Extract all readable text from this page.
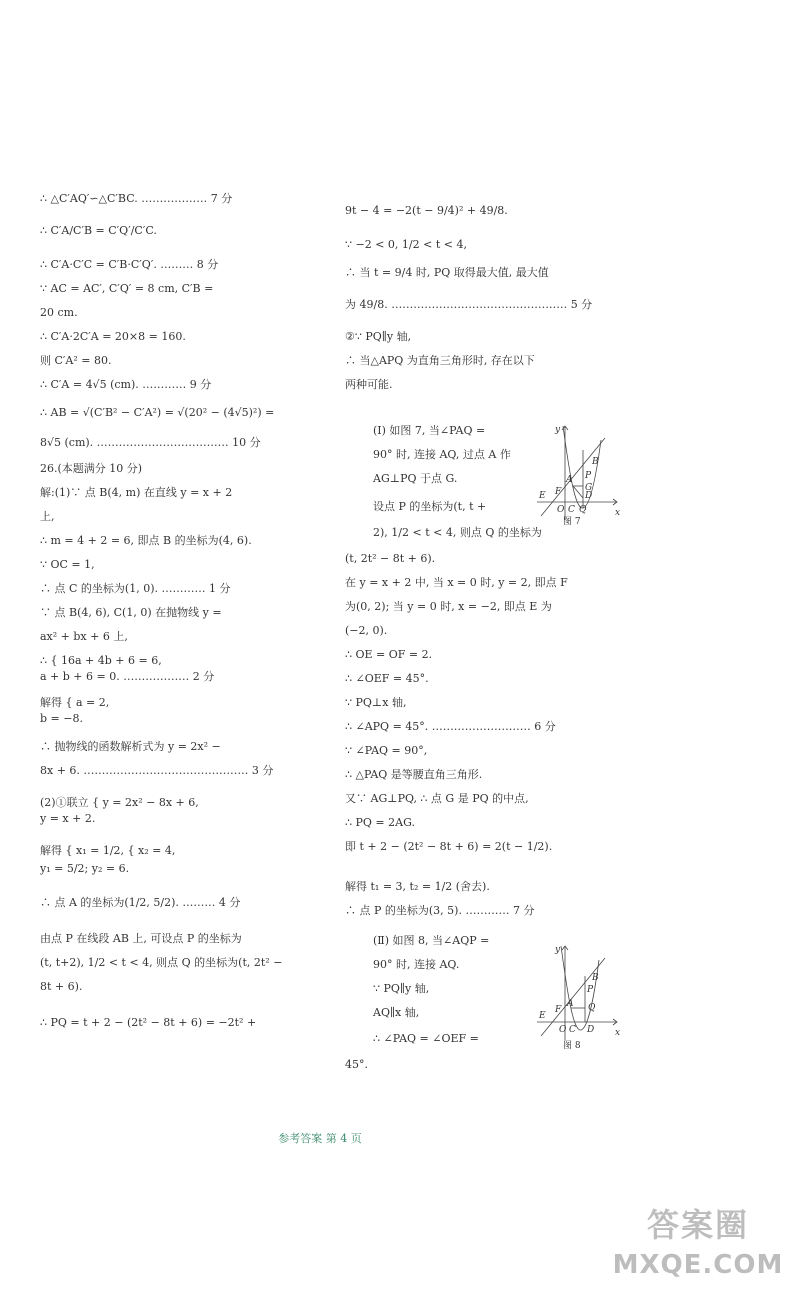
∴ △C′AQ′∽△C′BC. ……………… 7 分
∴ C′A/C′B = C′Q′/C′C.
∴ C′A·C′C = C′B·C′Q′. ……… 8 分
∵ AC = AC′, C′Q′ = 8 cm, C′B =
20 cm.
∴ C′A·2C′A = 20×8 = 160.
则 C′A² = 80.
∴ C′A = 4√5 (cm). ………… 9 分
∴ AB = √(C′B² − C′A²) = √(20² − (4√5)²) =
8√5 (cm). ……………………………… 10 分
26.(本题满分 10 分)
解:(1)∵ 点 B(4, m) 在直线 y = x + 2
上,
∴ m = 4 + 2 = 6, 即点 B 的坐标为(4, 6).
∵ OC = 1,
∴ 点 C 的坐标为(1, 0). ………… 1 分
∵ 点 B(4, 6), C(1, 0) 在抛物线 y =
ax² + bx + 6 上,
∴ { 16a + 4b + 6 = 6,
a + b + 6 = 0. ……………… 2 分
解得 { a = 2,
b = −8.
∴ 抛物线的函数解析式为 y = 2x² −
8x + 6. ……………………………………… 3 分
(2)①联立 { y = 2x² − 8x + 6,
y = x + 2.
解得 { x₁ = 1/2, { x₂ = 4,
y₁ = 5/2; y₂ = 6.
∴ 点 A 的坐标为(1/2, 5/2). ……… 4 分
由点 P 在线段 AB 上, 可设点 P 的坐标为
(t, t+2), 1/2 < t < 4, 则点 Q 的坐标为(t, 2t² −
8t + 6).
∴ PQ = t + 2 − (2t² − 8t + 6) = −2t² +
9t − 4 = −2(t − 9/4)² + 49/8.
∵ −2 < 0, 1/2 < t < 4,
∴ 当 t = 9/4 时, PQ 取得最大值, 最大值
为 49/8. ………………………………………… 5 分
②∵ PQ∥y 轴,
∴ 当△APQ 为直角三角形时, 存在以下
两种可能.
(Ⅰ) 如图 7, 当∠PAQ =
90° 时, 连接 AQ, 过点 A 作
AG⊥PQ 于点 G.
设点 P 的坐标为(t, t +
2), 1/2 < t < 4, 则点 Q 的坐标为
(t, 2t² − 8t + 6).
在 y = x + 2 中, 当 x = 0 时, y = 2, 即点 F
为(0, 2); 当 y = 0 时, x = −2, 即点 E 为
(−2, 0).
∴ OE = OF = 2.
∴ ∠OEF = 45°.
∵ PQ⊥x 轴,
∴ ∠APQ = 45°. ……………………… 6 分
∵ ∠PAQ = 90°,
∴ △PAQ 是等腰直角三角形.
又∵ AG⊥PQ, ∴ 点 G 是 PQ 的中点,
∴ PQ = 2AG.
即 t + 2 − (2t² − 8t + 6) = 2(t − 1/2).
解得 t₁ = 3, t₂ = 1/2 (舍去).
∴ 点 P 的坐标为(3, 5). ………… 7 分
(Ⅱ) 如图 8, 当∠AQP =
90° 时, 连接 AQ.
∵ PQ∥y 轴,
AQ∥x 轴,
∴ ∠PAQ = ∠OEF =
45°.
y
x
B
P
A
G
D
E F
O C Q
图 7
y
x
B
P
A Q
D
E
F
O C
图 8
参考答案 第 4 页
答案圈
MXQE.COM
